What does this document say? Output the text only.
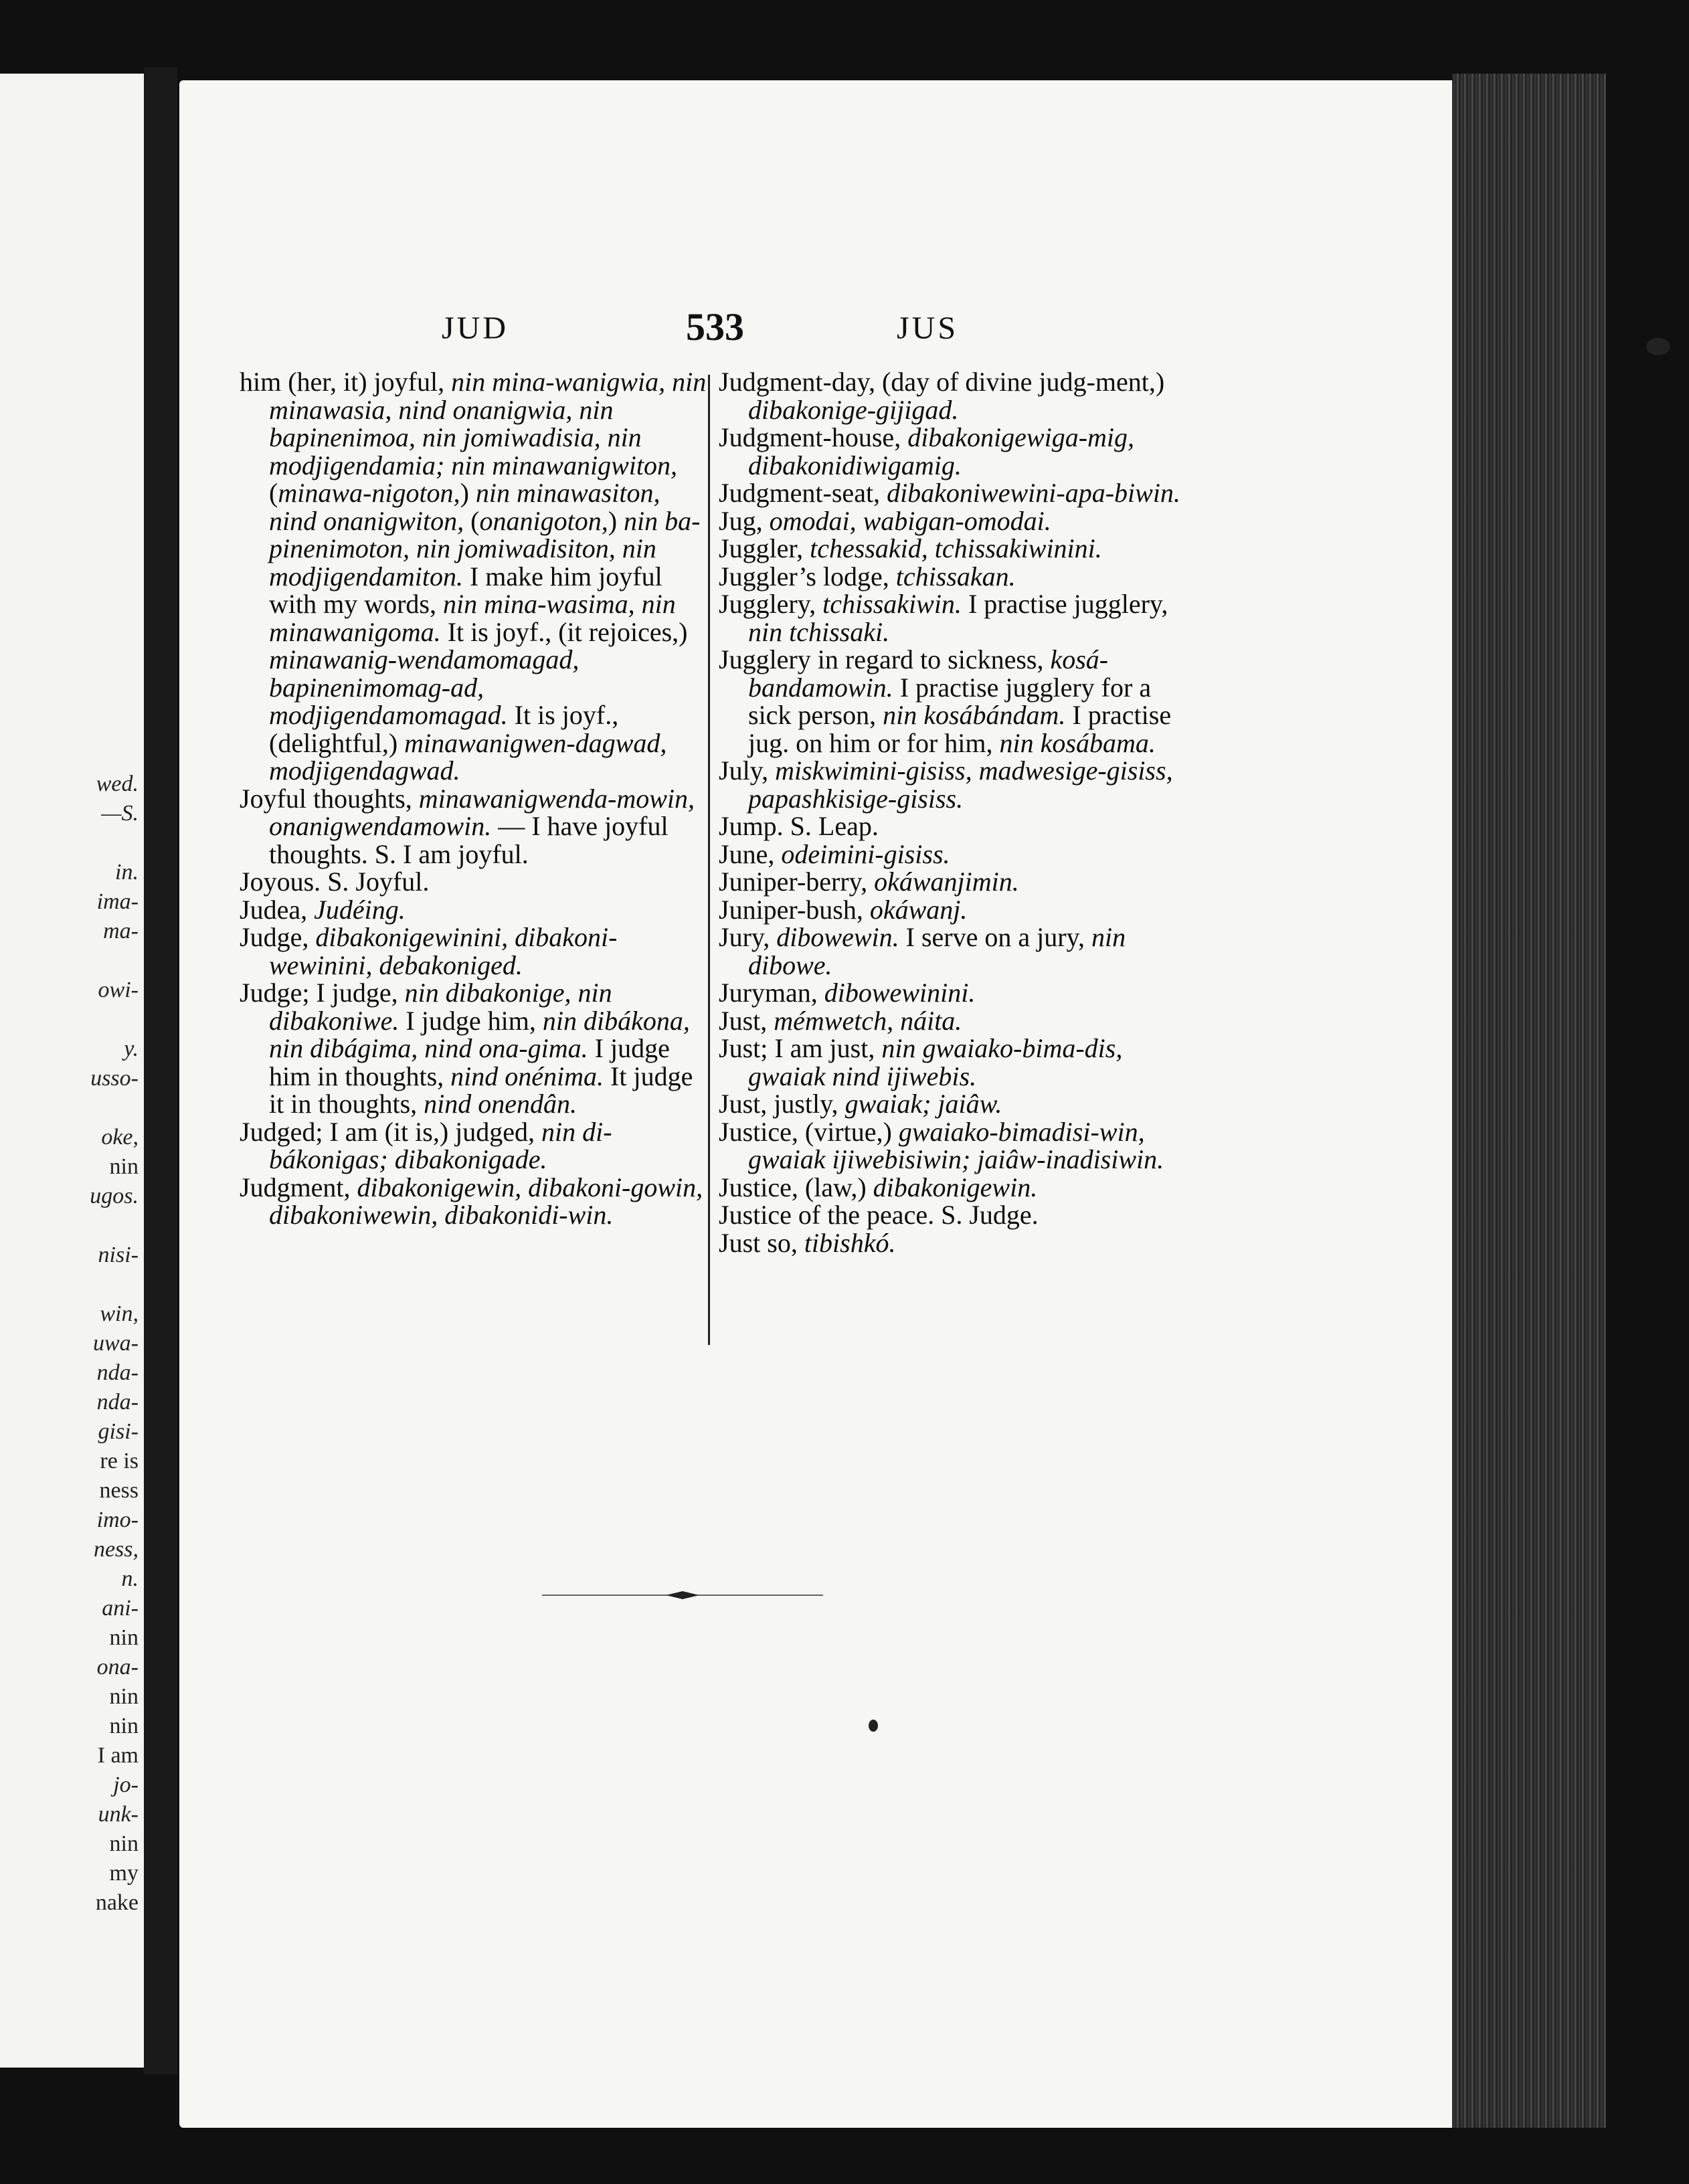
wed.
—S.
in.
ima-
ma-
owi-
y.
usso-
oke,
nin
ugos.
nisi-
win,
uwa-
nda-
nda-
gisi-
re is
ness
imo-
ness,
n.
ani-
nin
ona-
nin
nin
I am
jo-
unk-
nin
my
nake
JUD	533	JUS
him (her, it) joyful, nin mina-wanigwia, nin minawasia, nind onanigwia, nin bapinenimoa, nin jomiwadisia, nin modjigendamia; nin minawanigwiton, (minawa-nigoton,) nin minawasiton, nind onanigwiton, (onanigoton,) nin ba-pinenimoton, nin jomiwadisiton, nin modjigendamiton. I make him joyful with my words, nin mina-wasima, nin minawanigoma. It is joyf., (it rejoices,) minawanig-wendamomagad, bapinenimomag-ad, modjigendamomagad. It is joyf., (delightful,) minawanigwen-dagwad, modjigendagwad.
Joyful thoughts, minawanigwenda-mowin, onanigwendamowin. — I have joyful thoughts. S. I am joyful.
Joyous. S. Joyful.
Judea, Judéing.
Judge, dibakonigewinini, dibakoni-wewinini, debakoniged.
Judge; I judge, nin dibakonige, nin dibakoniwe. I judge him, nin dibákona, nin dibágima, nind ona-gima. I judge him in thoughts, nind onénima. It judge it in thoughts, nind onendân.
Judged; I am (it is,) judged, nin di-bákonigas; dibakonigade.
Judgment, dibakonigewin, dibakoni-gowin, dibakoniwewin, dibakonidi-win.
Judgment-day, (day of divine judg-ment,) dibakonige-gijigad.
Judgment-house, dibakonigewiga-mig, dibakonidiwigamig.
Judgment-seat, dibakoniwewini-apa-biwin.
Jug, omodai, wabigan-omodai.
Juggler, tchessakid, tchissakiwinini.
Juggler’s lodge, tchissakan.
Jugglery, tchissakiwin. I practise jugglery, nin tchissaki.
Jugglery in regard to sickness, kosá-bandamowin. I practise jugglery for a sick person, nin kosábándam. I practise jug. on him or for him, nin kosábama.
July, miskwimini-gisiss, madwesige-gisiss, papashkisige-gisiss.
Jump. S. Leap.
June, odeimini-gisiss.
Juniper-berry, okáwanjimin.
Juniper-bush, okáwanj.
Jury, dibowewin. I serve on a jury, nin dibowe.
Juryman, dibowewinini.
Just, mémwetch, náita.
Just; I am just, nin gwaiako-bima-dis, gwaiak nind ijiwebis.
Just, justly, gwaiak; jaiâw.
Justice, (virtue,) gwaiako-bimadisi-win, gwaiak ijiwebisiwin; jaiâw-inadisiwin.
Justice, (law,) dibakonigewin.
Justice of the peace. S. Judge.
Just so, tibishkó.
